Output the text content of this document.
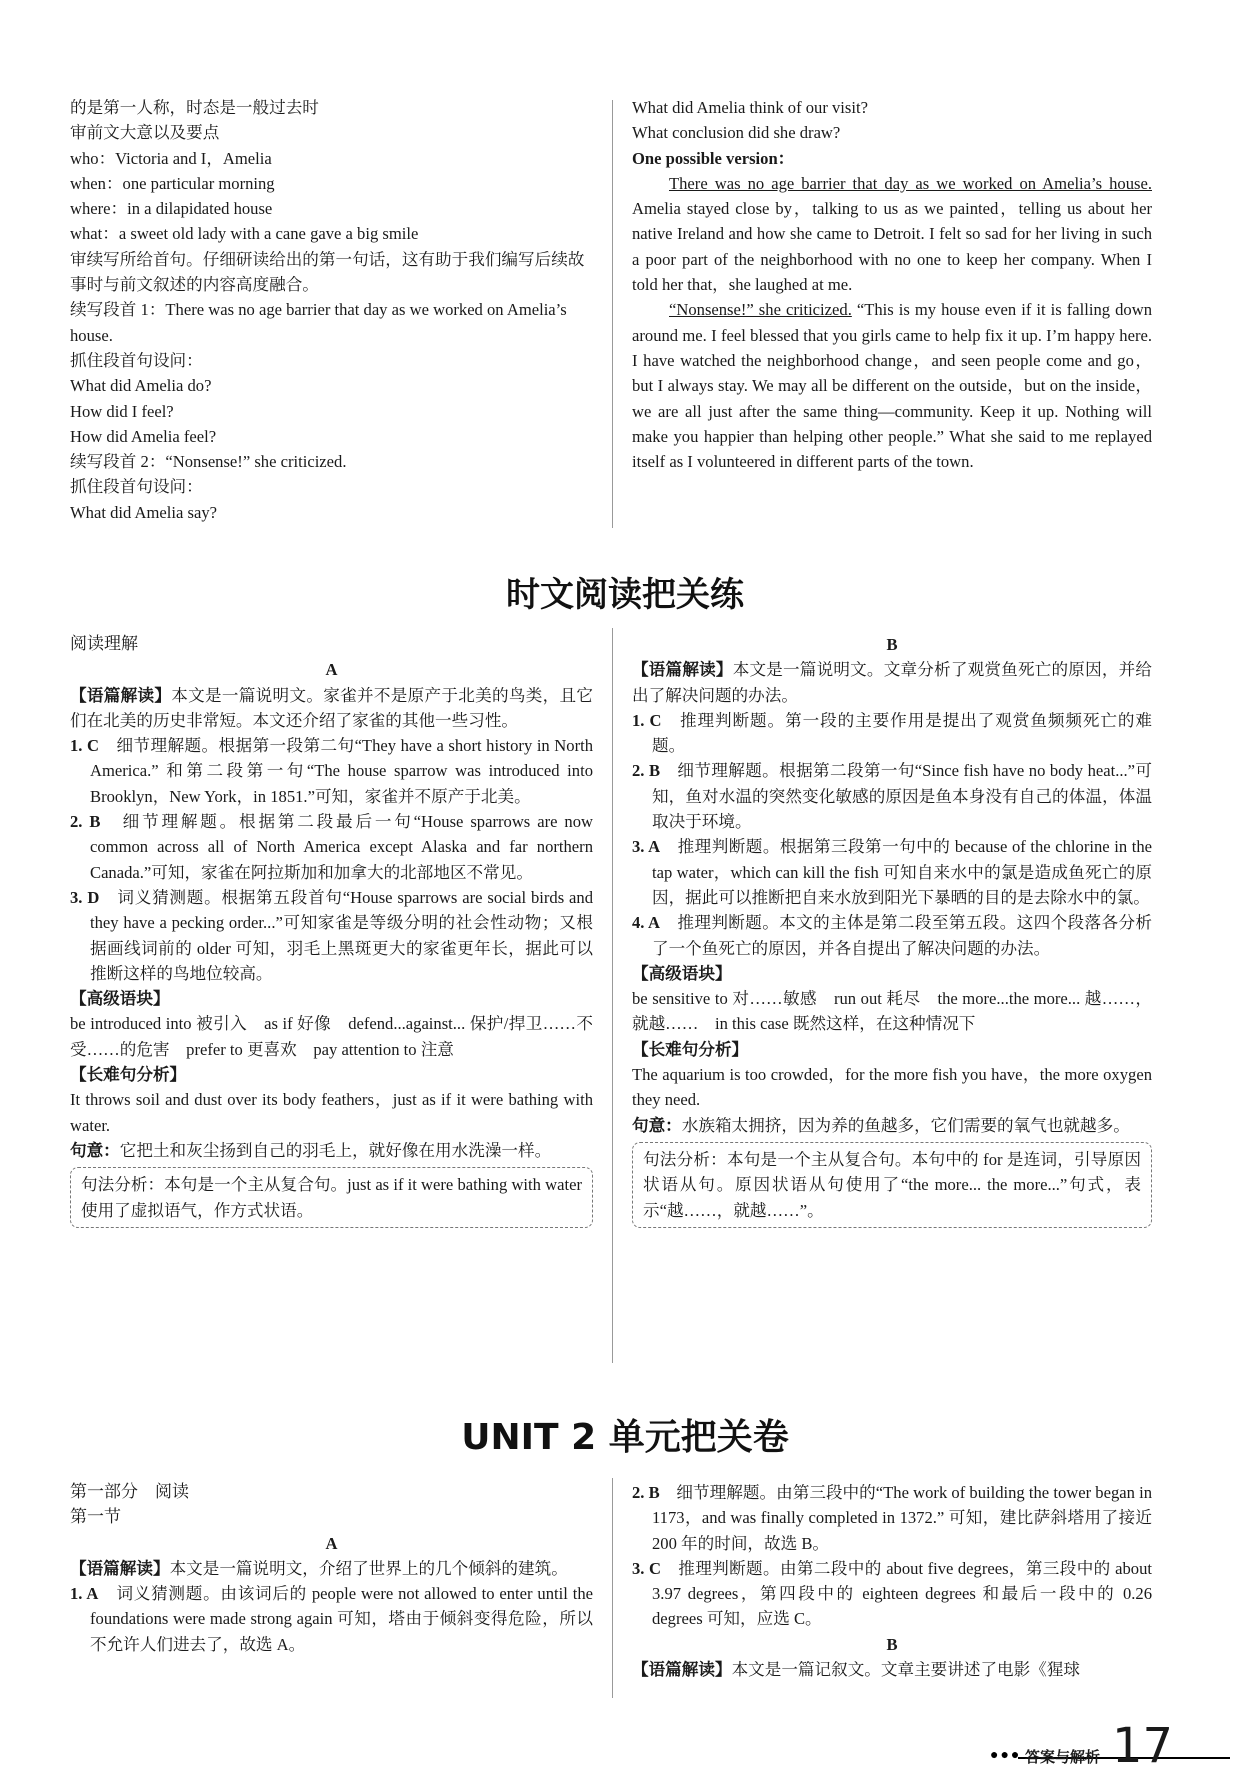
的是第一人称，时态是一般过去时

审前文大意以及要点

who：Victoria and I，Amelia

when：one particular morning

where：in a dilapidated house

what：a sweet old lady with a cane gave a big smile

审续写所给首句。仔细研读给出的第一句话，这有助于我们编写后续故事时与前文叙述的内容高度融合。

续写段首 1：There was no age barrier that day as we worked on Amelia’s house.

抓住段首句设问：

What did Amelia do?

How did I feel?

How did Amelia feel?

续写段首 2：“Nonsense!” she criticized.

抓住段首句设问：

What did Amelia say?

What did Amelia think of our visit?

What conclusion did she draw?

One possible version：

There was no age barrier that day as we worked on Amelia’s house. Amelia stayed close by，talking to us as we painted，telling us about her native Ireland and how she came to Detroit. I felt so sad for her living in such a poor part of the neighborhood with no one to keep her company. When I told her that，she laughed at me.

“Nonsense!” she criticized. “This is my house even if it is falling down around me. I feel blessed that you girls came to help fix it up. I’m happy here. I have watched the neighborhood change，and seen people come and go，but I always stay. We may all be different on the outside，but on the inside，we are all just after the same thing—community. Keep it up. Nothing will make you happier than helping other people.” What she said to me replayed itself as I volunteered in different parts of the town.

时文阅读把关练

阅读理解

A

【语篇解读】本文是一篇说明文。家雀并不是原产于北美的鸟类，且它们在北美的历史非常短。本文还介绍了家雀的其他一些习性。

1. C　 细节理解题。根据第一段第二句“They have a short history in North America.” 和第二段第一句“The house sparrow was introduced into Brooklyn，New York，in 1851.”可知，家雀并不原产于北美。

2. B　 细节理解题。根据第二段最后一句“House sparrows are now common across all of North America except Alaska and far northern Canada.”可知，家雀在阿拉斯加和加拿大的北部地区不常见。

3. D　 词义猜测题。根据第五段首句“House sparrows are social birds and they have a pecking order...”可知家雀是等级分明的社会性动物；又根据画线词前的 older 可知，羽毛上黑斑更大的家雀更年长，据此可以推断这样的鸟地位较高。

【高级语块】

be introduced into 被引入　as if 好像　defend...against... 保护/捍卫……不受……的危害　prefer to 更喜欢　pay attention to 注意

【长难句分析】

It throws soil and dust over its body feathers，just as if it were bathing with water.

句意：它把土和灰尘扬到自己的羽毛上，就好像在用水洗澡一样。

句法分析：本句是一个主从复合句。just as if it were bathing with water 使用了虚拟语气，作方式状语。

B

【语篇解读】本文是一篇说明文。文章分析了观赏鱼死亡的原因，并给出了解决问题的办法。

1. C　 推理判断题。第一段的主要作用是提出了观赏鱼频频死亡的难题。

2. B　 细节理解题。根据第二段第一句“Since fish have no body heat...”可知，鱼对水温的突然变化敏感的原因是鱼本身没有自己的体温，体温取决于环境。

3. A　 推理判断题。根据第三段第一句中的 because of the chlorine in the tap water，which can kill the fish 可知自来水中的氯是造成鱼死亡的原因，据此可以推断把自来水放到阳光下暴晒的目的是去除水中的氯。

4. A　 推理判断题。本文的主体是第二段至第五段。这四个段落各分析了一个鱼死亡的原因，并各自提出了解决问题的办法。

【高级语块】

be sensitive to 对……敏感　run out 耗尽　the more...the more... 越……，就越……　in this case 既然这样，在这种情况下

【长难句分析】

The aquarium is too crowded，for the more fish you have，the more oxygen they need.

句意：水族箱太拥挤，因为养的鱼越多，它们需要的氧气也就越多。

句法分析：本句是一个主从复合句。本句中的 for 是连词，引导原因状语从句。原因状语从句使用了“the more... the more...”句式，表示“越……，就越……”。
UNIT 2 单元把关卷

第一部分　阅读

第一节

A

【语篇解读】本文是一篇说明文，介绍了世界上的几个倾斜的建筑。

1. A　 词义猜测题。由该词后的 people were not allowed to enter until the foundations were made strong again 可知，塔由于倾斜变得危险，所以不允许人们进去了，故选 A。

2. B　 细节理解题。由第三段中的“The work of building the tower began in 1173，and was finally completed in 1372.” 可知，建比萨斜塔用了接近 200 年的时间，故选 B。

3. C　 推理判断题。由第二段中的 about five degrees，第三段中的 about 3.97 degrees，第四段中的 eighteen degrees 和最后一段中的 0.26 degrees 可知，应选 C。

B

【语篇解读】本文是一篇记叙文。文章主要讲述了电影《猩球

●●● 答案与解析 17
